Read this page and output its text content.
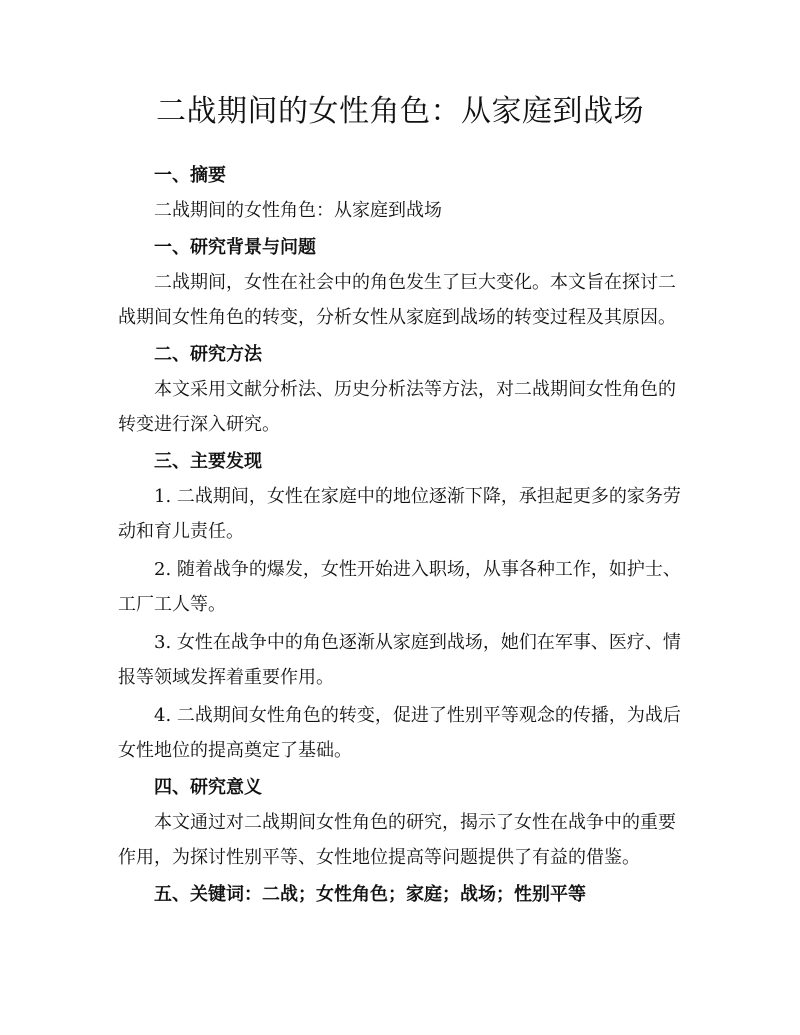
二战期间的女性角色：从家庭到战场
一、摘要

二战期间的女性角色：从家庭到战场

一、研究背景与问题

二战期间，女性在社会中的角色发生了巨大变化。本文旨在探讨二战期间女性角色的转变，分析女性从家庭到战场的转变过程及其原因。

二、研究方法

本文采用文献分析法、历史分析法等方法，对二战期间女性角色的转变进行深入研究。

三、主要发现

1. 二战期间，女性在家庭中的地位逐渐下降，承担起更多的家务劳动和育儿责任。

2. 随着战争的爆发，女性开始进入职场，从事各种工作，如护士、工厂工人等。

3. 女性在战争中的角色逐渐从家庭到战场，她们在军事、医疗、情报等领域发挥着重要作用。

4. 二战期间女性角色的转变，促进了性别平等观念的传播，为战后女性地位的提高奠定了基础。

四、研究意义

本文通过对二战期间女性角色的研究，揭示了女性在战争中的重要作用，为探讨性别平等、女性地位提高等问题提供了有益的借鉴。

五、关键词：二战；女性角色；家庭；战场；性别平等
